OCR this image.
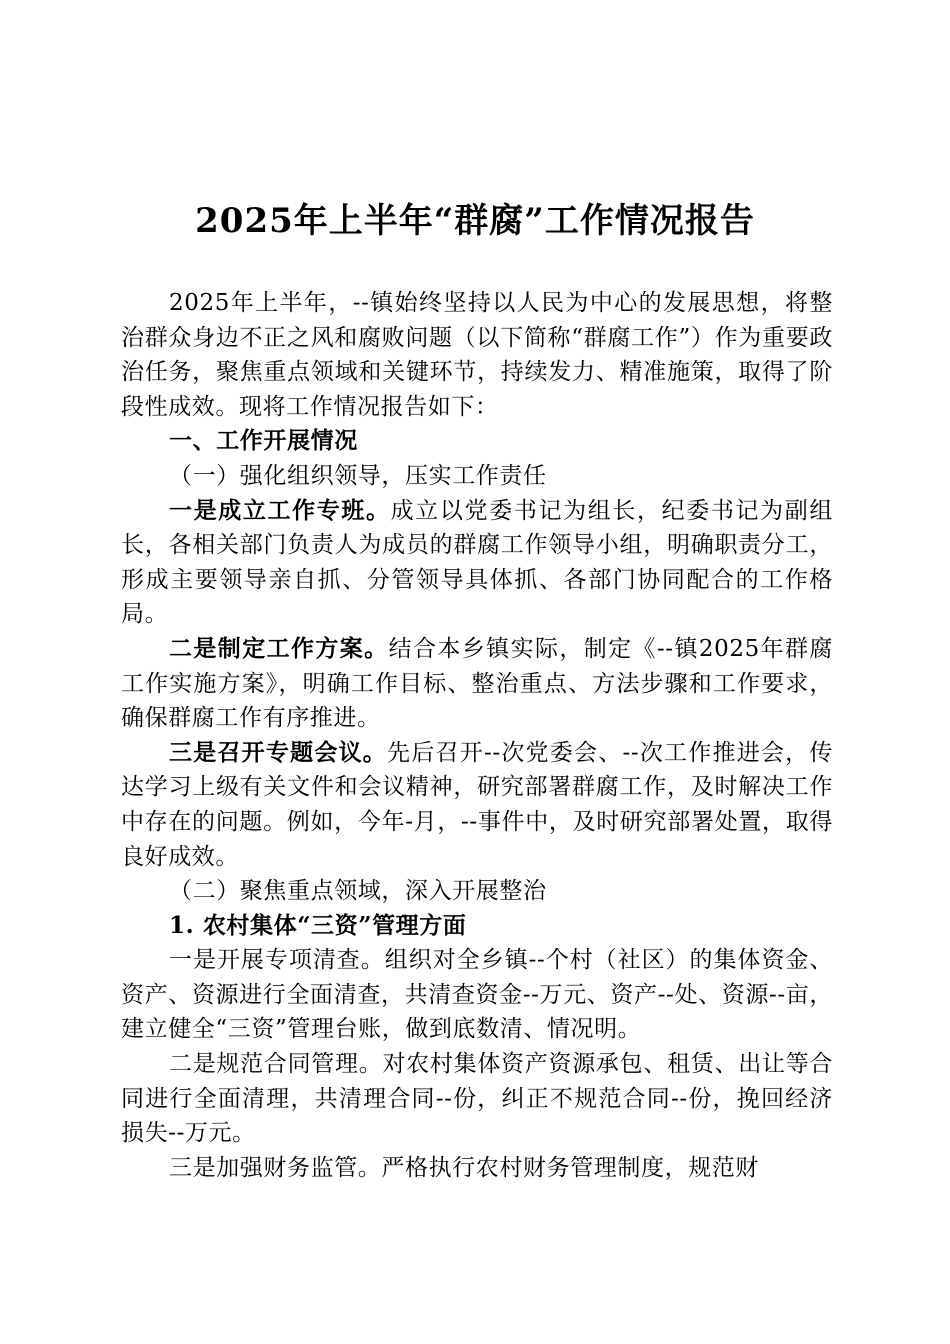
2025年上半年“群腐”工作情况报告

2025年上半年，--镇始终坚持以人民为中心的发展思想，将整治群众身边不正之风和腐败问题（以下简称“群腐工作”）作为重要政治任务，聚焦重点领域和关键环节，持续发力、精准施策，取得了阶段性成效。现将工作情况报告如下：

一、工作开展情况

（一）强化组织领导，压实工作责任

一是成立工作专班。成立以党委书记为组长，纪委书记为副组长，各相关部门负责人为成员的群腐工作领导小组，明确职责分工，形成主要领导亲自抓、分管领导具体抓、各部门协同配合的工作格局。

二是制定工作方案。结合本乡镇实际，制定《--镇2025年群腐工作实施方案》，明确工作目标、整治重点、方法步骤和工作要求，确保群腐工作有序推进。

三是召开专题会议。先后召开--次党委会、--次工作推进会，传达学习上级有关文件和会议精神，研究部署群腐工作，及时解决工作中存在的问题。例如，今年-月，--事件中，及时研究部署处置，取得良好成效。

（二）聚焦重点领域，深入开展整治

1. 农村集体“三资”管理方面

一是开展专项清查。组织对全乡镇--个村（社区）的集体资金、资产、资源进行全面清查，共清查资金--万元、资产--处、资源--亩，建立健全“三资”管理台账，做到底数清、情况明。

二是规范合同管理。对农村集体资产资源承包、租赁、出让等合同进行全面清理，共清理合同--份，纠正不规范合同--份，挽回经济损失--万元。

三是加强财务监管。严格执行农村财务管理制度，规范财
